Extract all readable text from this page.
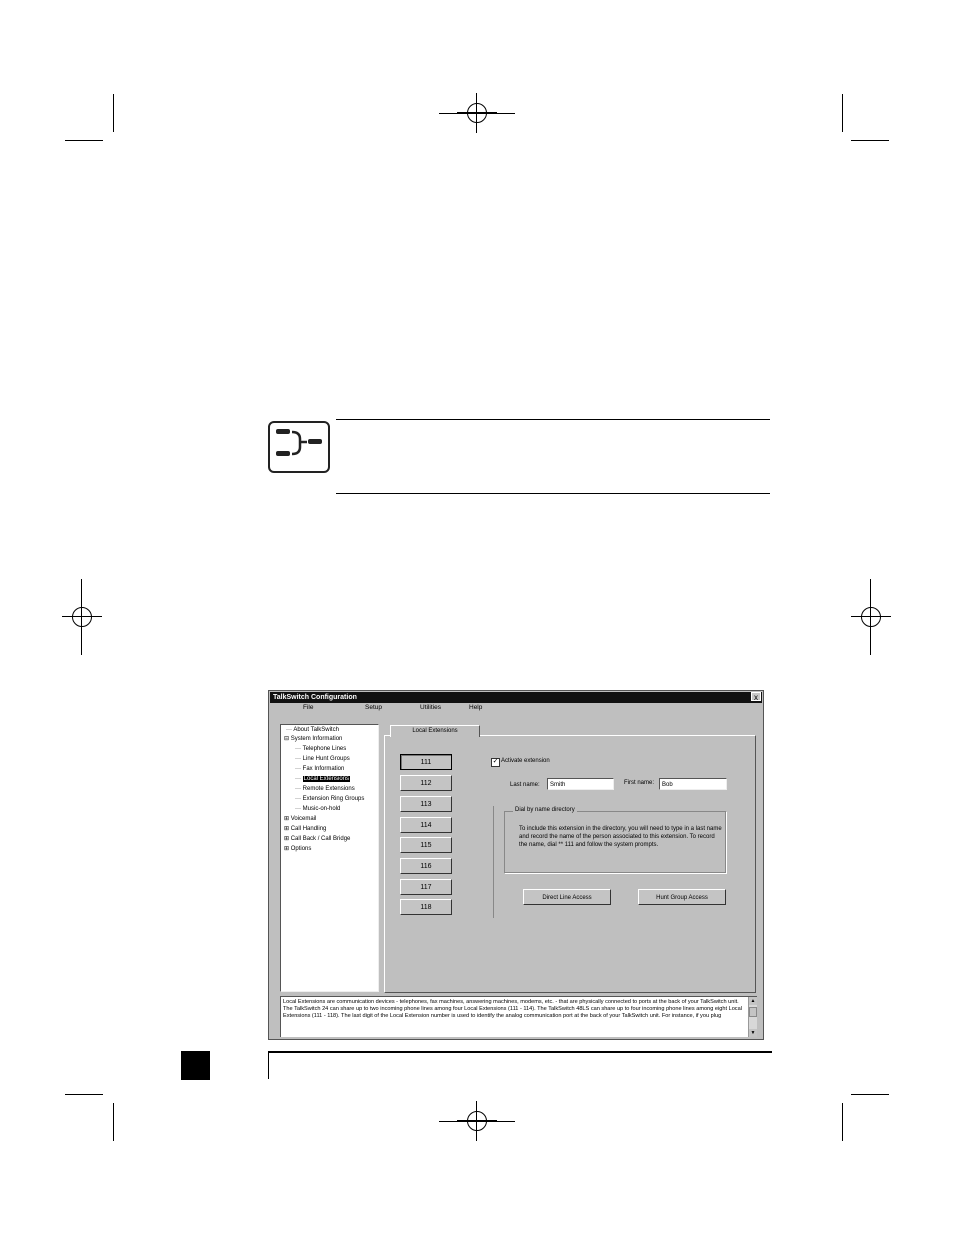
TalkSwitch Configuration	x
File	Setup	Utilities	Help
··· About TalkSwitch
⊟ System Information
··· Telephone Lines
··· Line Hunt Groups
··· Fax Information
··· Local Extensions
··· Remote Extensions
··· Extension Ring Groups
··· Music-on-hold
⊞ Voicemail
⊞ Call Handling
⊞ Call Back / Call Bridge
⊞ Options
Local Extensions
111
112
113
114
115
116
117
118
✓ Activate extension
Last name:	Smith	First name:	Bob
Dial by name directory
To include this extension in the directory, you will need to type in a last name and record the name of the person associated to this extension. To record the name, dial ** 111 and follow the system prompts.
Direct Line Access	Hunt Group Access
Local Extensions are communication devices - telephones, fax machines, answering machines, modems, etc. - that are physically connected to ports at the back of your TalkSwitch unit. The TalkSwitch 24 can share up to two incoming phone lines among four Local Extensions (111 - 114). The TalkSwitch 48LS can share up to four incoming phone lines among eight Local Extensions (111 - 118). The last digit of the Local Extension number is used to identify the analog communication port at the back of your TalkSwitch unit. For instance, if you plug
▲
▼
